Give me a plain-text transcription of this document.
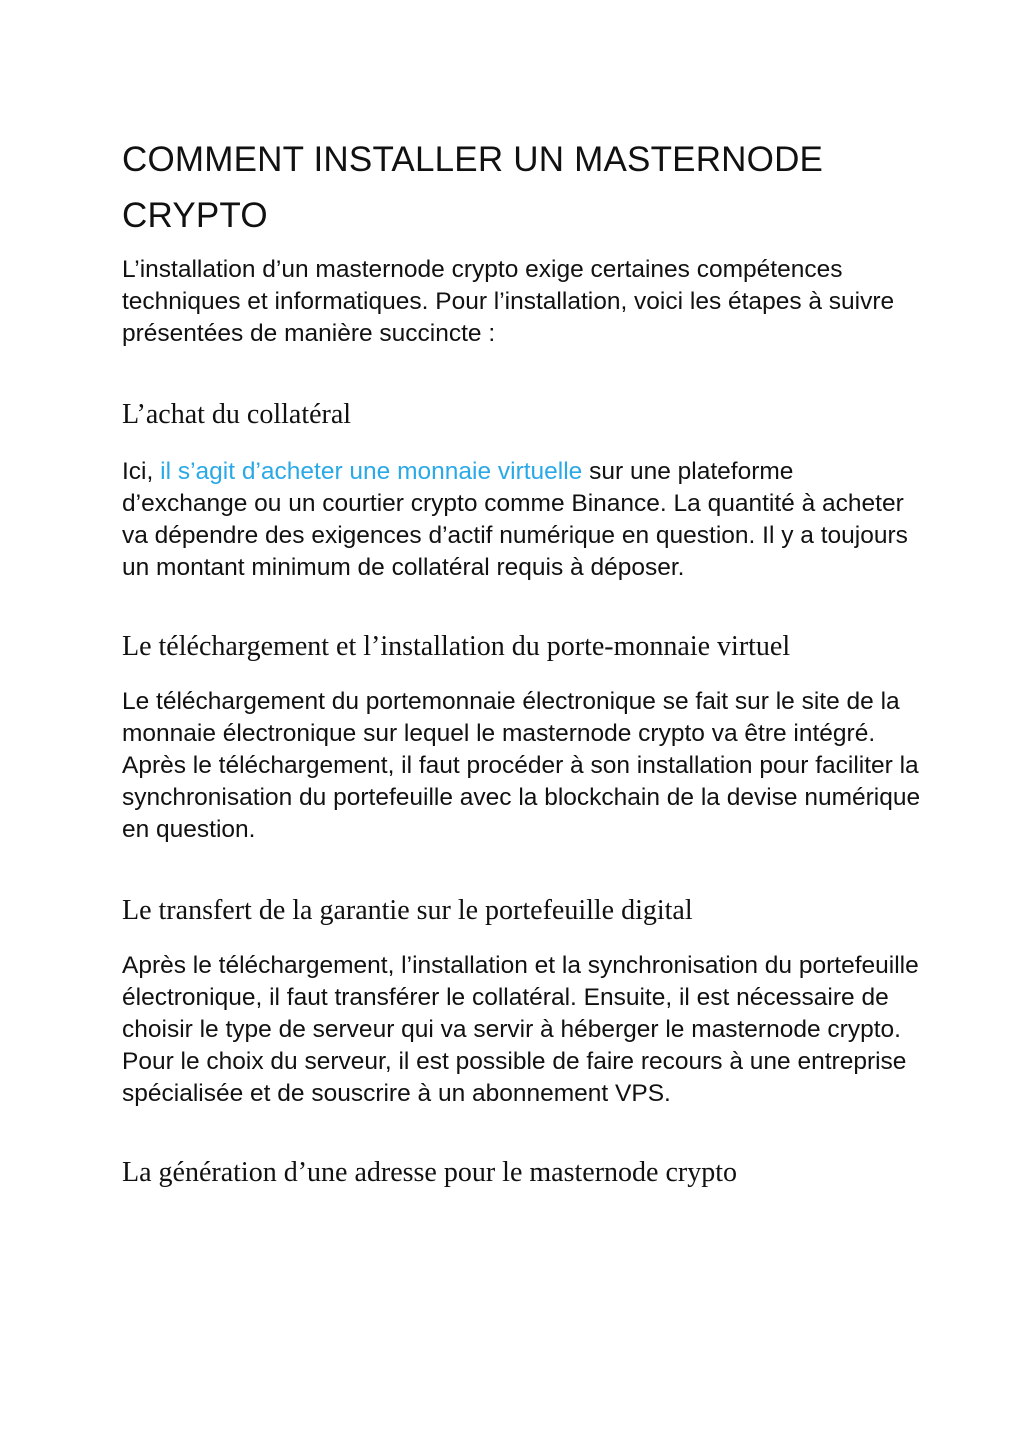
COMMENT INSTALLER UN MASTERNODE CRYPTO

L’installation d’un masternode crypto exige certaines compétences techniques et informatiques. Pour l’installation, voici les étapes à suivre présentées de manière succincte :

L’achat du collatéral

Ici, il s’agit d’acheter une monnaie virtuelle sur une plateforme d’exchange ou un courtier crypto comme Binance. La quantité à acheter va dépendre des exigences d’actif numérique en question. Il y a toujours un montant minimum de collatéral requis à déposer.

Le téléchargement et l’installation du porte-monnaie virtuel

Le téléchargement du portemonnaie électronique se fait sur le site de la monnaie électronique sur lequel le masternode crypto va être intégré. Après le téléchargement, il faut procéder à son installation pour faciliter la synchronisation du portefeuille avec la blockchain de la devise numérique en question.

Le transfert de la garantie sur le portefeuille digital

Après le téléchargement, l’installation et la synchronisation du portefeuille électronique, il faut transférer le collatéral. Ensuite, il est nécessaire de choisir le type de serveur qui va servir à héberger le masternode crypto. Pour le choix du serveur, il est possible de faire recours à une entreprise spécialisée et de souscrire à un abonnement VPS.

La génération d’une adresse pour le masternode crypto
